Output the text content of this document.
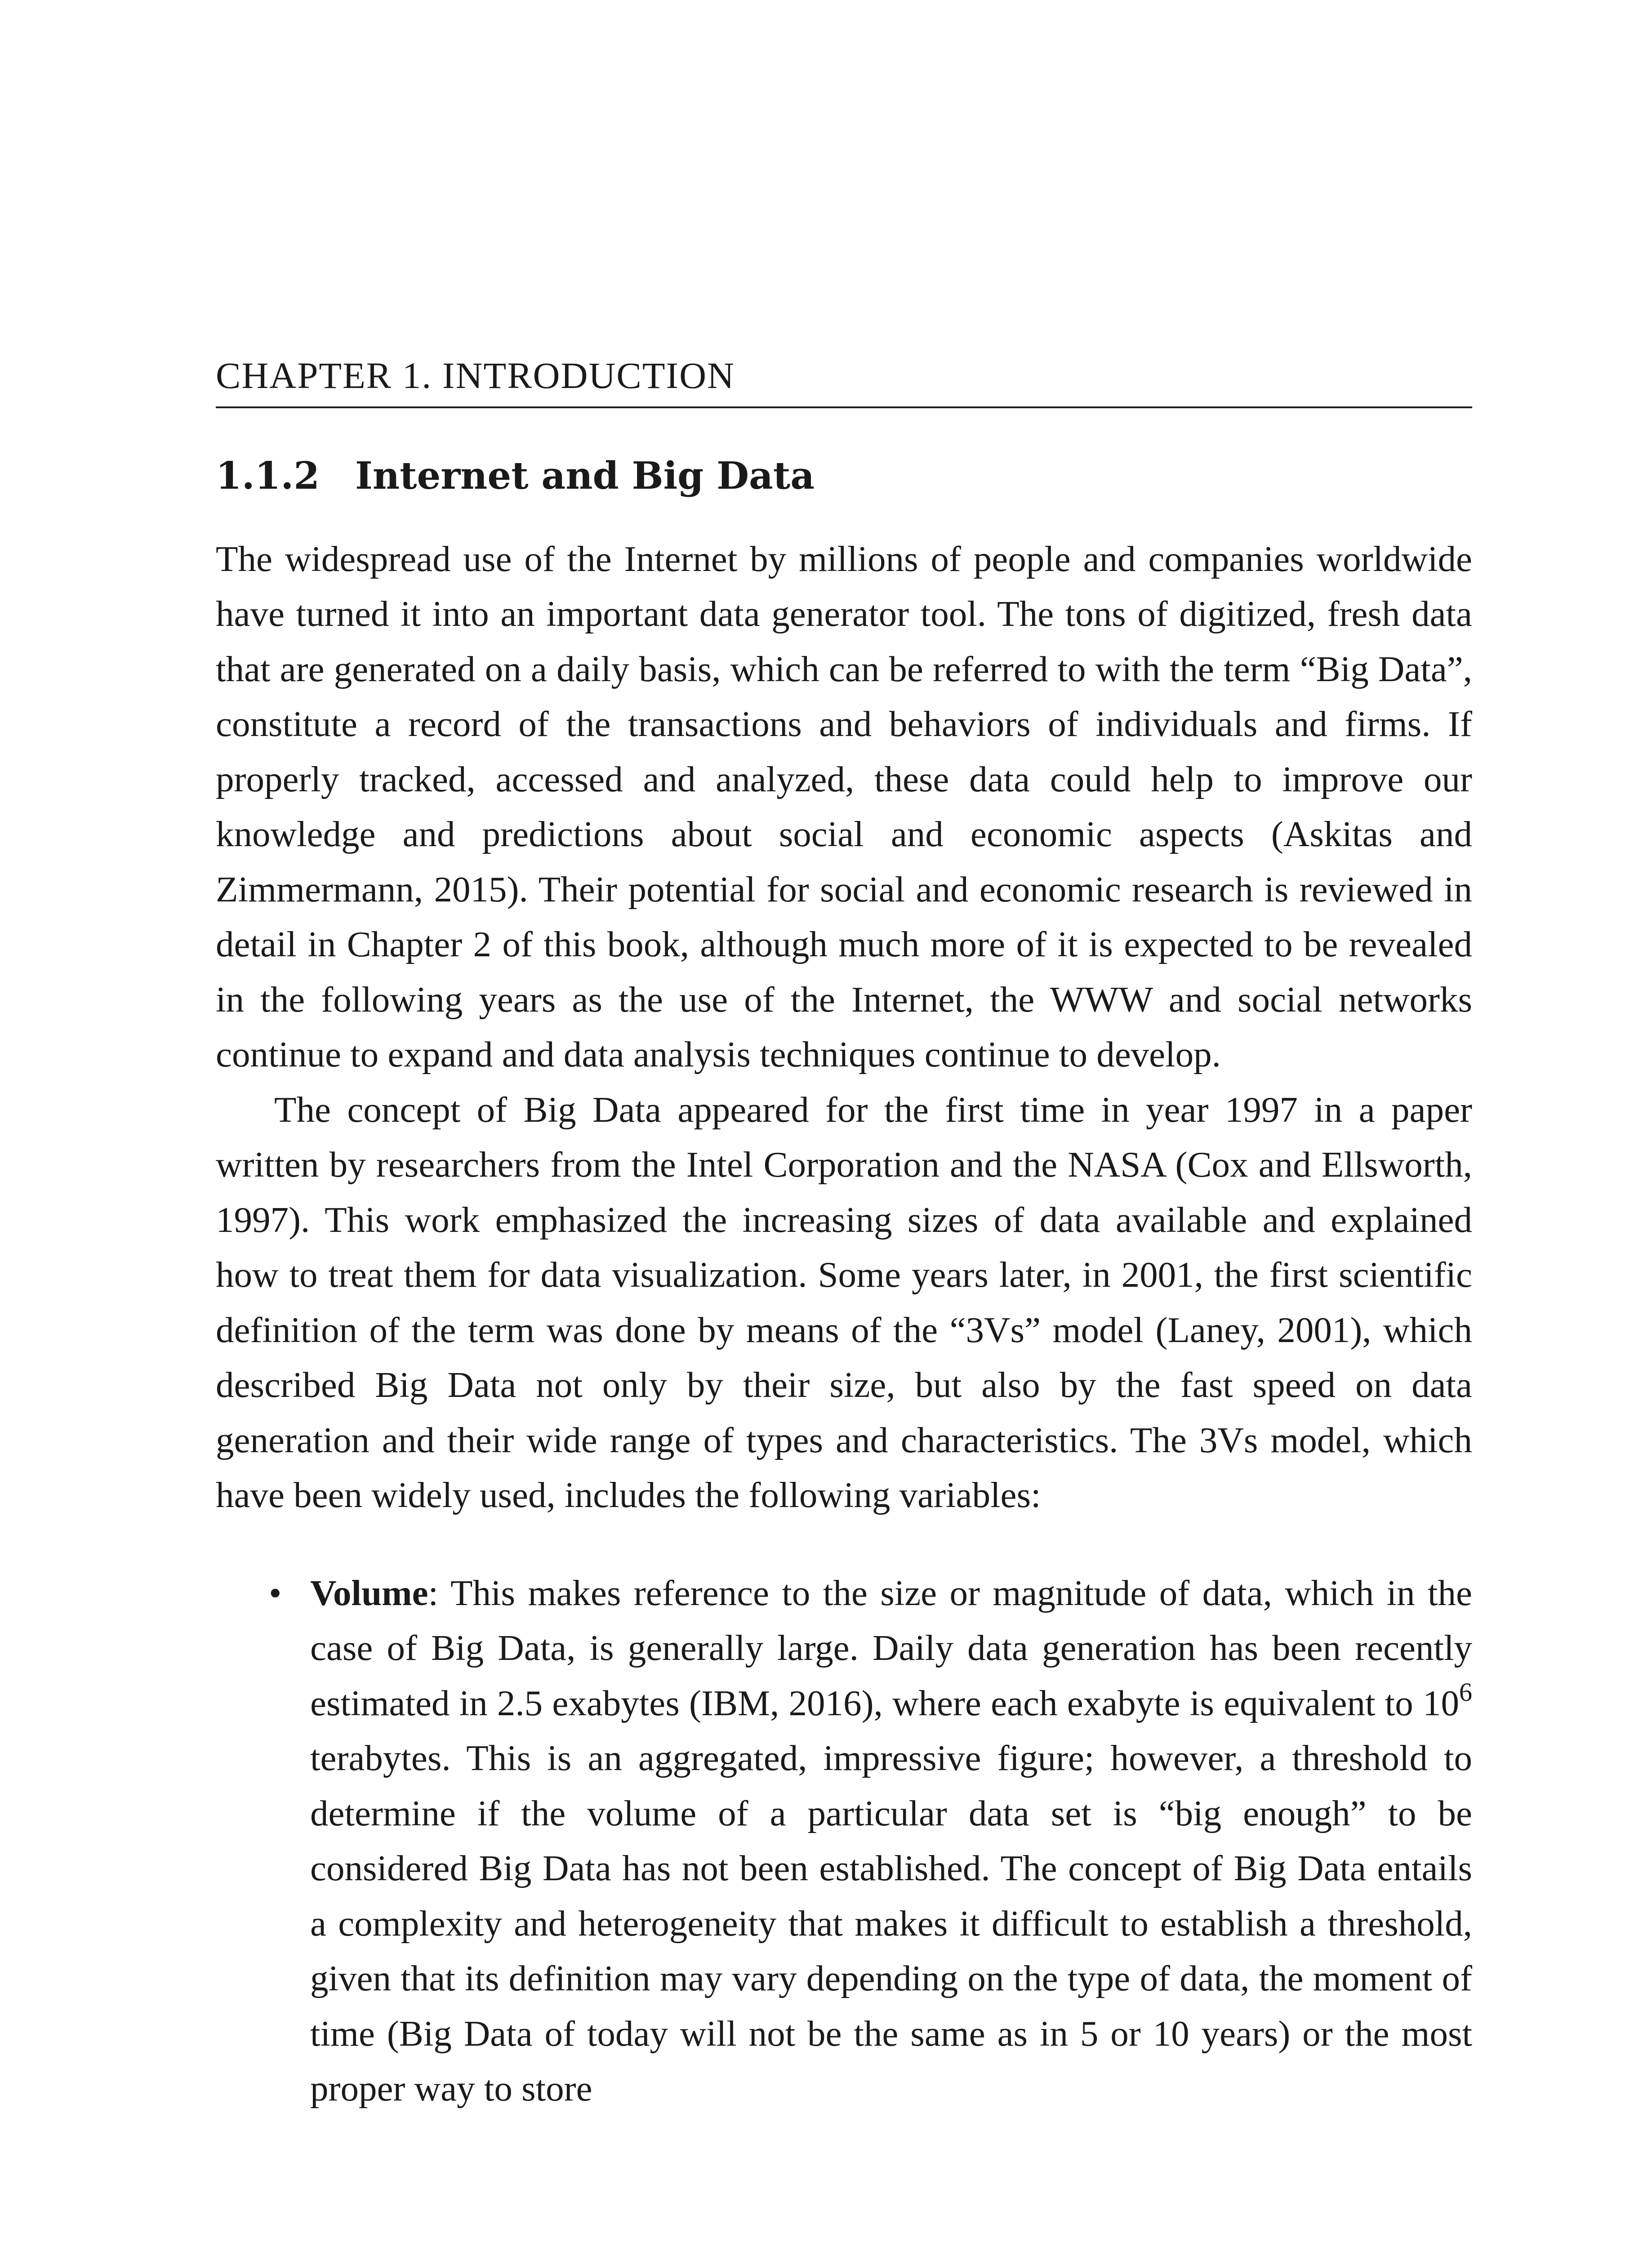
CHAPTER 1. INTRODUCTION
1.1.2 Internet and Big Data

The widespread use of the Internet by millions of people and companies worldwide have turned it into an important data generator tool. The tons of digitized, fresh data that are generated on a daily basis, which can be referred to with the term “Big Data”, constitute a record of the transactions and behaviors of individuals and firms. If properly tracked, accessed and analyzed, these data could help to improve our knowledge and predictions about social and economic aspects (Askitas and Zimmermann, 2015). Their potential for social and economic research is reviewed in detail in Chapter 2 of this book, although much more of it is expected to be revealed in the following years as the use of the Internet, the WWW and social networks continue to expand and data analysis techniques continue to develop.

The concept of Big Data appeared for the first time in year 1997 in a paper written by researchers from the Intel Corporation and the NASA (Cox and Ellsworth, 1997). This work emphasized the increasing sizes of data available and explained how to treat them for data visualization. Some years later, in 2001, the first scientific definition of the term was done by means of the “3Vs” model (Laney, 2001), which described Big Data not only by their size, but also by the fast speed on data generation and their wide range of types and characteristics. The 3Vs model, which have been widely used, includes the following variables:

• Volume: This makes reference to the size or magnitude of data, which in the case of Big Data, is generally large. Daily data generation has been recently estimated in 2.5 exabytes (IBM, 2016), where each exabyte is equivalent to $10^6$ terabytes. This is an aggregated, impressive figure; however, a threshold to determine if the volume of a particular data set is “big enough” to be considered Big Data has not been established. The concept of Big Data entails a complexity and heterogeneity that makes it difficult to establish a threshold, given that its definition may vary depending on the type of data, the moment of time (Big Data of today will not be the same as in 5 or 10 years) or the most proper way to store
